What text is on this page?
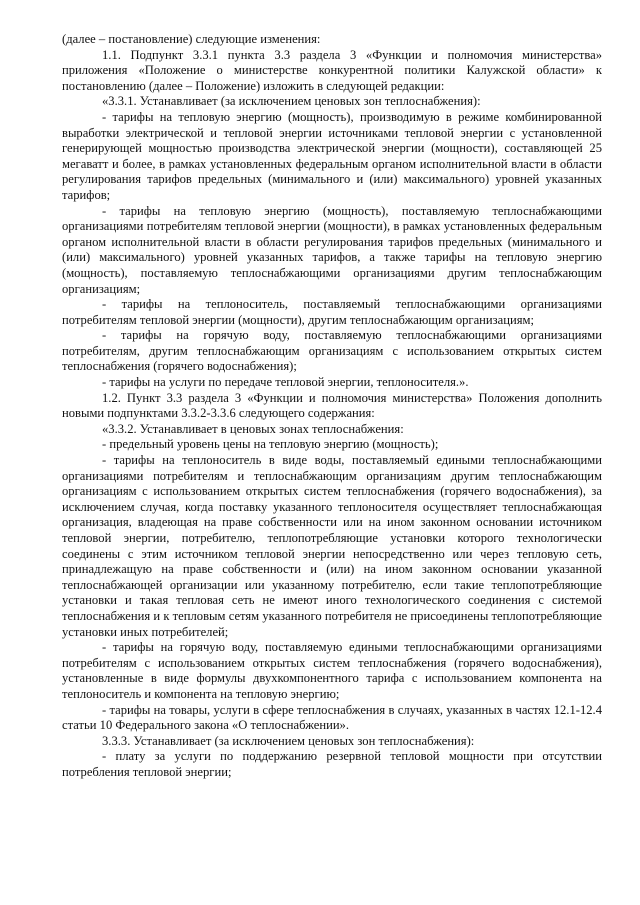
(далее – постановление) следующие изменения:

1.1. Подпункт 3.3.1 пункта 3.3 раздела 3 «Функции и полномочия министерства» приложения «Положение о министерстве конкурентной политики Калужской области» к постановлению (далее – Положение) изложить в следующей редакции:

«3.3.1. Устанавливает (за исключением ценовых зон теплоснабжения):

- тарифы на тепловую энергию (мощность), производимую в режиме комбинированной выработки электрической и тепловой энергии источниками тепловой энергии с установленной генерирующей мощностью производства электрической энергии (мощности), составляющей 25 мегаватт и более, в рамках установленных федеральным органом исполнительной власти в области регулирования тарифов предельных (минимального и (или) максимального) уровней указанных тарифов;

- тарифы на тепловую энергию (мощность), поставляемую теплоснабжающими организациями потребителям тепловой энергии (мощности), в рамках установленных федеральным органом исполнительной власти в области регулирования тарифов предельных (минимального и (или) максимального) уровней указанных тарифов, а также тарифы на тепловую энергию (мощность), поставляемую теплоснабжающими организациями другим теплоснабжающим организациям;

- тарифы на теплоноситель, поставляемый теплоснабжающими организациями потребителям тепловой энергии (мощности), другим теплоснабжающим организациям;

- тарифы на горячую воду, поставляемую теплоснабжающими организациями потребителям, другим теплоснабжающим организациям с использованием открытых систем теплоснабжения (горячего водоснабжения);

- тарифы на услуги по передаче тепловой энергии, теплоносителя.».

1.2. Пункт 3.3 раздела 3 «Функции и полномочия министерства» Положения дополнить новыми подпунктами 3.3.2-3.3.6 следующего содержания:

«3.3.2. Устанавливает в ценовых зонах теплоснабжения:

- предельный уровень цены на тепловую энергию (мощность);

- тарифы на теплоноситель в виде воды, поставляемый едиными теплоснабжающими организациями потребителям и теплоснабжающим организациям другим теплоснабжающим организациям с использованием открытых систем теплоснабжения (горячего водоснабжения), за исключением случая, когда поставку указанного теплоносителя осуществляет теплоснабжающая организация, владеющая на праве собственности или на ином законном основании источником тепловой энергии, потребителю, теплопотребляющие установки которого технологически соединены с этим источником тепловой энергии непосредственно или через тепловую сеть, принадлежащую на праве собственности и (или) на ином законном основании указанной теплоснабжающей организации или указанному потребителю, если такие теплопотребляющие установки и такая тепловая сеть не имеют иного технологического соединения с системой теплоснабжения и к тепловым сетям указанного потребителя не присоединены теплопотребляющие установки иных потребителей;

- тарифы на горячую воду, поставляемую едиными теплоснабжающими организациями потребителям с использованием открытых систем теплоснабжения (горячего водоснабжения), установленные в виде формулы двухкомпонентного тарифа с использованием компонента на теплоноситель и компонента на тепловую энергию;

- тарифы на товары, услуги в сфере теплоснабжения в случаях, указанных в частях 12.1-12.4 статьи 10 Федерального закона «О теплоснабжении».

3.3.3. Устанавливает (за исключением ценовых зон теплоснабжения):

- плату за услуги по поддержанию резервной тепловой мощности при отсутствии потребления тепловой энергии;
